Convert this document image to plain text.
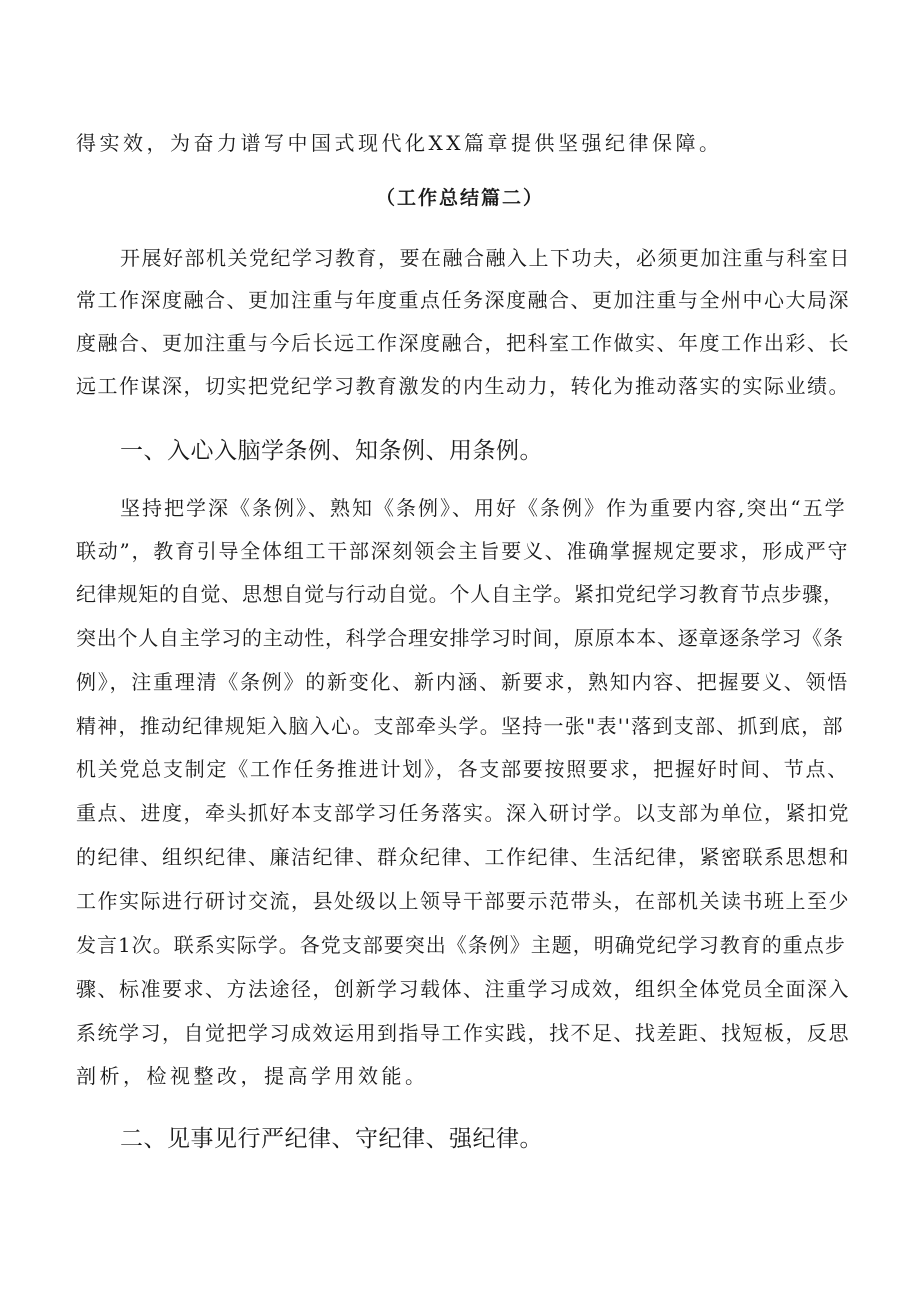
得实效，为奋力谱写中国式现代化XX篇章提供坚强纪律保障。
（工作总结篇二）
开展好部机关党纪学习教育，要在融合融入上下功夫，必须更加注重与科室日
常工作深度融合、更加注重与年度重点任务深度融合、更加注重与全州中心大局深
度融合、更加注重与今后长远工作深度融合，把科室工作做实、年度工作出彩、长
远工作谋深，切实把党纪学习教育激发的内生动力，转化为推动落实的实际业绩。
一、入心入脑学条例、知条例、用条例。
坚持把学深《条例》、熟知《条例》、用好《条例》作为重要内容,突出“五学
联动”，教育引导全体组工干部深刻领会主旨要义、准确掌握规定要求，形成严守
纪律规矩的自觉、思想自觉与行动自觉。个人自主学。紧扣党纪学习教育节点步骤，
突出个人自主学习的主动性，科学合理安排学习时间，原原本本、逐章逐条学习《条
例》，注重理清《条例》的新变化、新内涵、新要求，熟知内容、把握要义、领悟
精神，推动纪律规矩入脑入心。支部牵头学。坚持一张"表''落到支部、抓到底，部
机关党总支制定《工作任务推进计划》，各支部要按照要求，把握好时间、节点、
重点、进度，牵头抓好本支部学习任务落实。深入研讨学。以支部为单位，紧扣党
的纪律、组织纪律、廉洁纪律、群众纪律、工作纪律、生活纪律，紧密联系思想和
工作实际进行研讨交流，县处级以上领导干部要示范带头，在部机关读书班上至少
发言1次。联系实际学。各党支部要突出《条例》主题，明确党纪学习教育的重点步
骤、标准要求、方法途径，创新学习载体、注重学习成效，组织全体党员全面深入
系统学习，自觉把学习成效运用到指导工作实践，找不足、找差距、找短板，反思
剖析，检视整改，提高学用效能。
二、见事见行严纪律、守纪律、强纪律。
